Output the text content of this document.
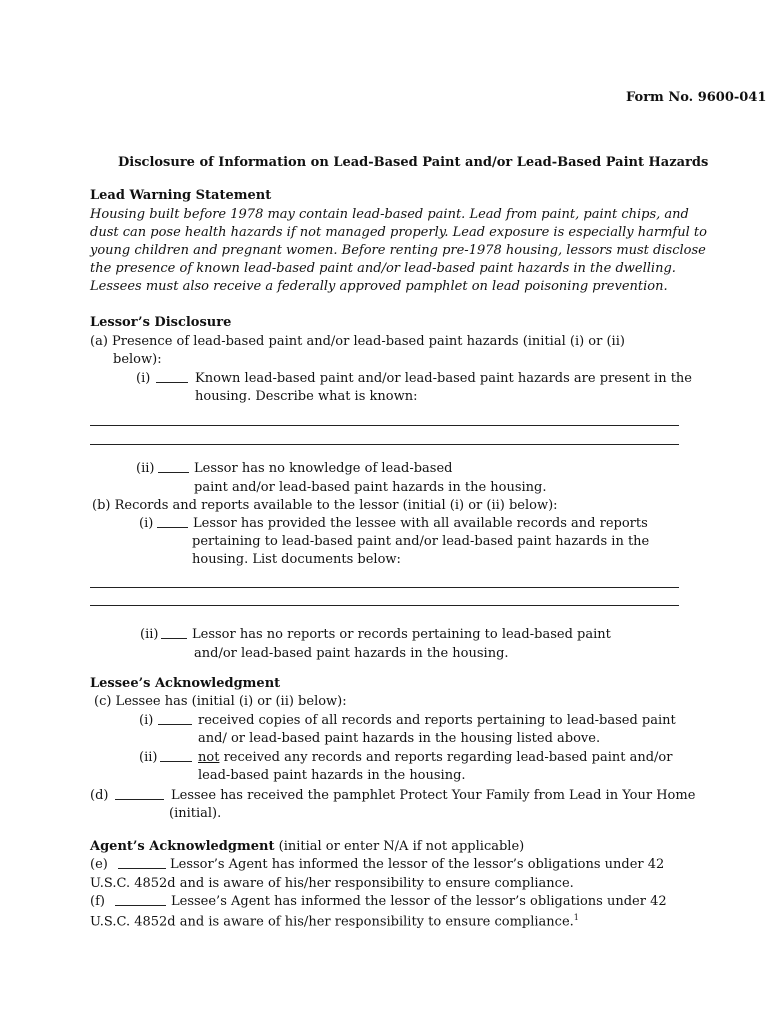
Form No. 9600-041
Disclosure of Information on Lead-Based Paint and/or Lead-Based Paint Hazards
Lead Warning Statement
Housing built before 1978 may contain lead-based paint. Lead from paint, paint chips, and
dust can pose health hazards if not managed properly. Lead exposure is especially harmful to
young children and pregnant women. Before renting pre-1978 housing, lessors must disclose
the presence of known lead-based paint and/or lead-based paint hazards in the dwelling.
Lessees must also receive a federally approved pamphlet on lead poisoning prevention.
Lessor’s Disclosure
(a) Presence of lead-based paint and/or lead-based paint hazards (initial (i) or (ii)
below):
(i)	Known lead-based paint and/or lead-based paint hazards are present in the
housing. Describe what is known:
(ii)	Lessor has no knowledge of lead-based
paint and/or lead-based paint hazards in the housing.
(b) Records and reports available to the lessor (initial (i) or (ii) below):
(i)	Lessor has provided the lessee with all available records and reports
pertaining to lead-based paint and/or lead-based paint hazards in the
housing. List documents below:
(ii)	Lessor has no reports or records pertaining to lead-based paint
and/or lead-based paint hazards in the housing.
Lessee’s Acknowledgment
(c) Lessee has (initial (i) or (ii) below):
(i)	received copies of all records and reports pertaining to lead-based paint
and/ or lead-based paint hazards in the housing listed above.
(ii)	not received any records and reports regarding lead-based paint and/or
lead-based paint hazards in the housing.
(d)	Lessee has received the pamphlet Protect Your Family from Lead in Your Home
(initial).
Agent’s Acknowledgment (initial or enter N/A if not applicable)
(e)	Lessor’s Agent has informed the lessor of the lessor’s obligations under 42
U.S.C. 4852d and is aware of his/her responsibility to ensure compliance.
(f)	Lessee’s Agent has informed the lessor of the lessor’s obligations under 42
U.S.C. 4852d and is aware of his/her responsibility to ensure compliance.$^1$
